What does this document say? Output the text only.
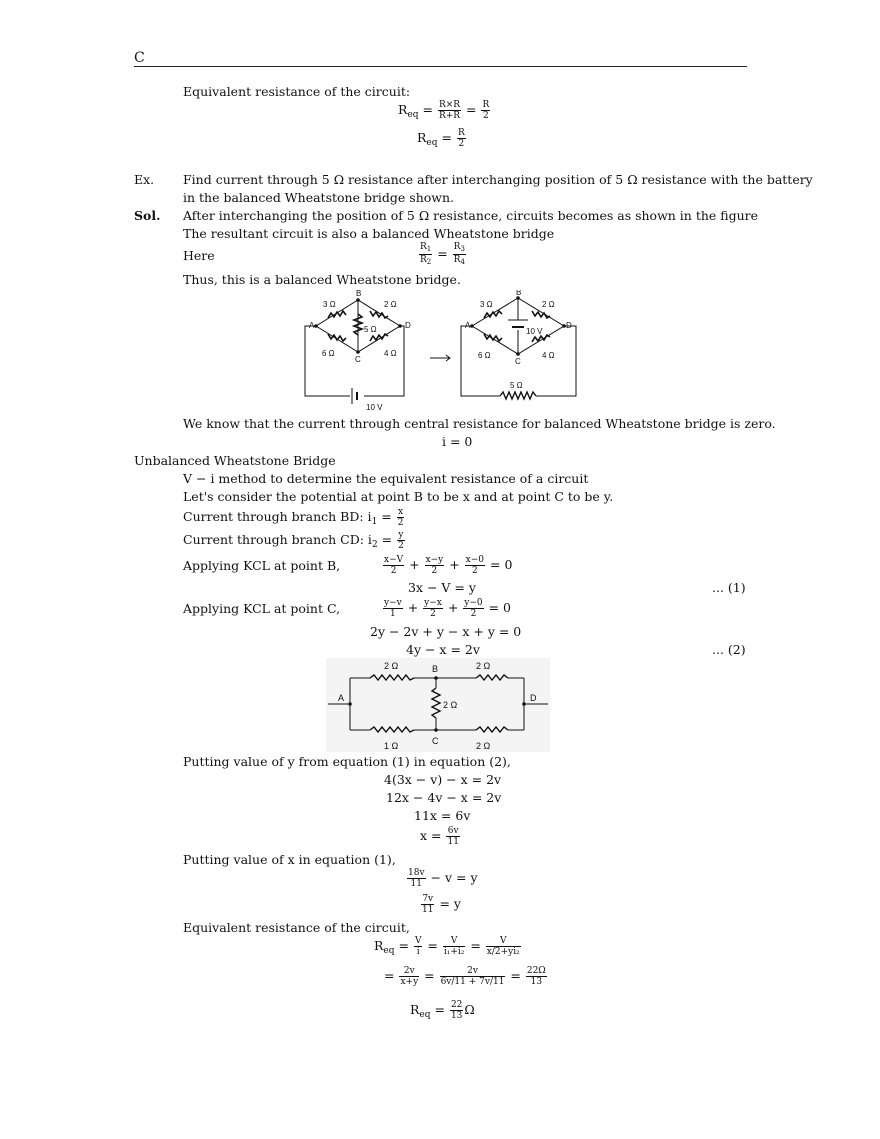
C
Equivalent resistance of the circuit:
$R_{eq} = \frac{R\times R}{R+R} = \frac{R}{2}$
$R_{eq} = \frac{R}{2}$
Ex. Find current through 5 Ω resistance after interchanging position of 5 Ω resistance with the battery
in the balanced Wheatstone bridge shown.
Sol. After interchanging the position of 5 Ω resistance, circuits becomes as shown in the figure
The resultant circuit is also a balanced Wheatstone bridge
Here	$\frac{R_1}{R_2} = \frac{R_3}{R_4}$
Thus, this is a balanced Wheatstone bridge.
3 Ω	2 Ω
5 Ω
6 Ω	4 Ω
10 V
A
B
C
D
3 Ω	2 Ω
10 V
6 Ω	4 Ω
5 Ω
A
B
C
D
We know that the current through central resistance for balanced Wheatstone bridge is zero.
i = 0
Unbalanced Wheatstone Bridge
V − i method to determine the equivalent resistance of a circuit
Let's consider the potential at point B to be x and at point C to be y.
Current through branch BD: $i_1 = \frac{x}{2}$
Current through branch CD: $i_2 = \frac{y}{2}$
Applying KCL at point B,	$\frac{x-V}{2} + \frac{x-y}{2} + \frac{x-0}{2} = 0$
3x − V = y	... (1)
Applying KCL at point C,	$\frac{y-v}{1} + \frac{y-x}{2} + \frac{y-0}{2} = 0$
2y − 2v + y − x + y = 0
4y − x = 2v	... (2)
2 Ω	2 Ω
2 Ω
1 Ω	2 Ω
A
B
C
D
Putting value of y from equation (1) in equation (2),
4(3x − v) − x = 2v
12x − 4v − x = 2v
11x = 6v
$x = \frac{6v}{11}$
Putting value of x in equation (1),
$\frac{18v}{11} - v = y$
$\frac{7v}{11} = y$
Equivalent resistance of the circuit,
$R_{eq} = \frac{V}{i} = \frac{V}{\text{i₁+i₂}} = \frac{V}{\text{x/2+yi₂}}$
= $\frac{2v}{x+y} = \frac{2v}{6v/11 + 7v/11} = \frac{22\Omega}{13}$
$R_{eq} = \frac{22}{13}$ Ω
